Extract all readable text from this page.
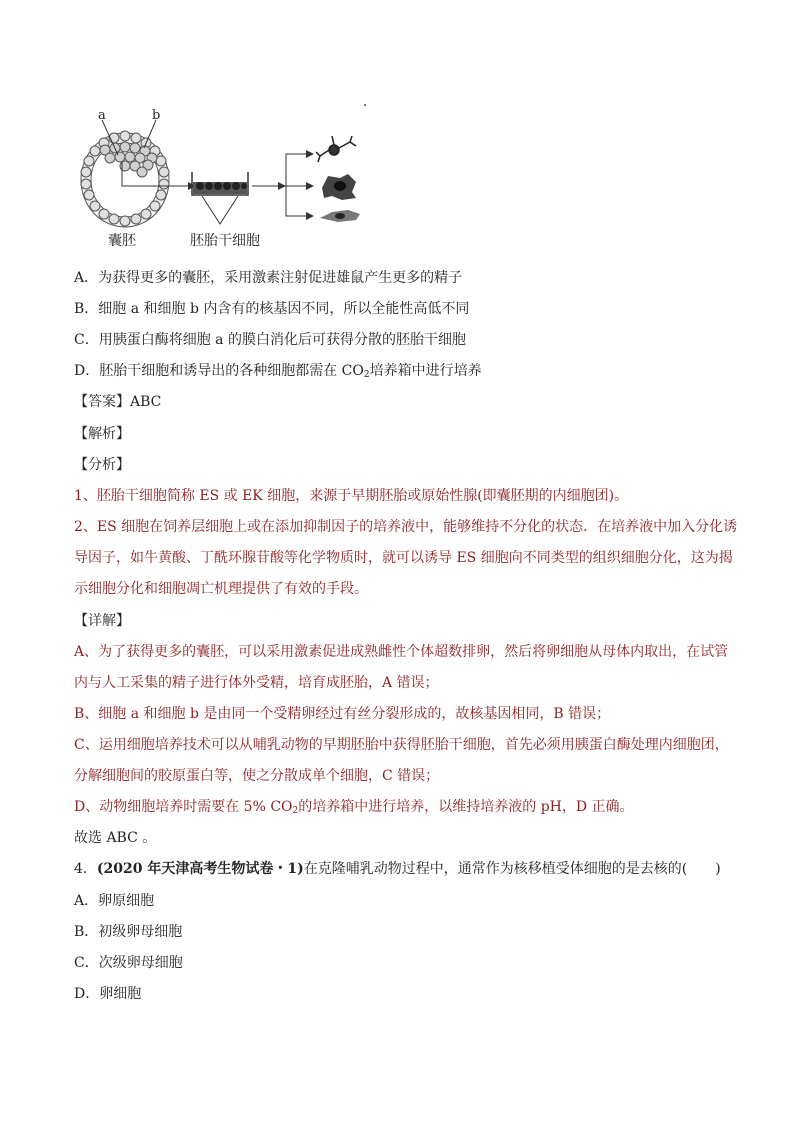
a	b
囊胚	胚胎干细胞
A．为获得更多的囊胚，采用激素注射促进雄鼠产生更多的精子
B．细胞 a 和细胞 b 内含有的核基因不同，所以全能性高低不同
C．用胰蛋白酶将细胞 a 的膜白消化后可获得分散的胚胎干细胞
D．胚胎干细胞和诱导出的各种细胞都需在 $CO_2$培养箱中进行培养
【答案】ABC
【解析】
【分析】
1、胚胎干细胞简称 ES 或 EK 细胞，来源于早期胚胎或原始性腺(即囊胚期的内细胞团)。
2、ES 细胞在饲养层细胞上或在添加抑制因子的培养液中，能够维持不分化的状态．在培养液中加入分化诱
导因子，如牛黄酸、丁酰环腺苷酸等化学物质时，就可以诱导 ES 细胞向不同类型的组织细胞分化，这为揭
示细胞分化和细胞凋亡机理提供了有效的手段。
【详解】
A、为了获得更多的囊胚，可以采用激素促进成熟雌性个体超数排卵，然后将卵细胞从母体内取出，在试管
内与人工采集的精子进行体外受精，培育成胚胎，A 错误；
B、细胞 a 和细胞 b 是由同一个受精卵经过有丝分裂形成的，故核基因相同，B 错误；
C、运用细胞培养技术可以从哺乳动物的早期胚胎中获得胚胎干细胞，首先必须用胰蛋白酶处理内细胞团，
分解细胞间的胶原蛋白等，使之分散成单个细胞，C 错误；
D、动物细胞培养时需要在 5% $CO_2$的培养箱中进行培养，以维持培养液的 pH，D 正确。
故选 ABC 。
4．(2020 年天津高考生物试卷・1)在克隆哺乳动物过程中，通常作为核移植受体细胞的是去核的(　　)
A．卵原细胞
B．初级卵母细胞
C．次级卵母细胞
D．卵细胞
